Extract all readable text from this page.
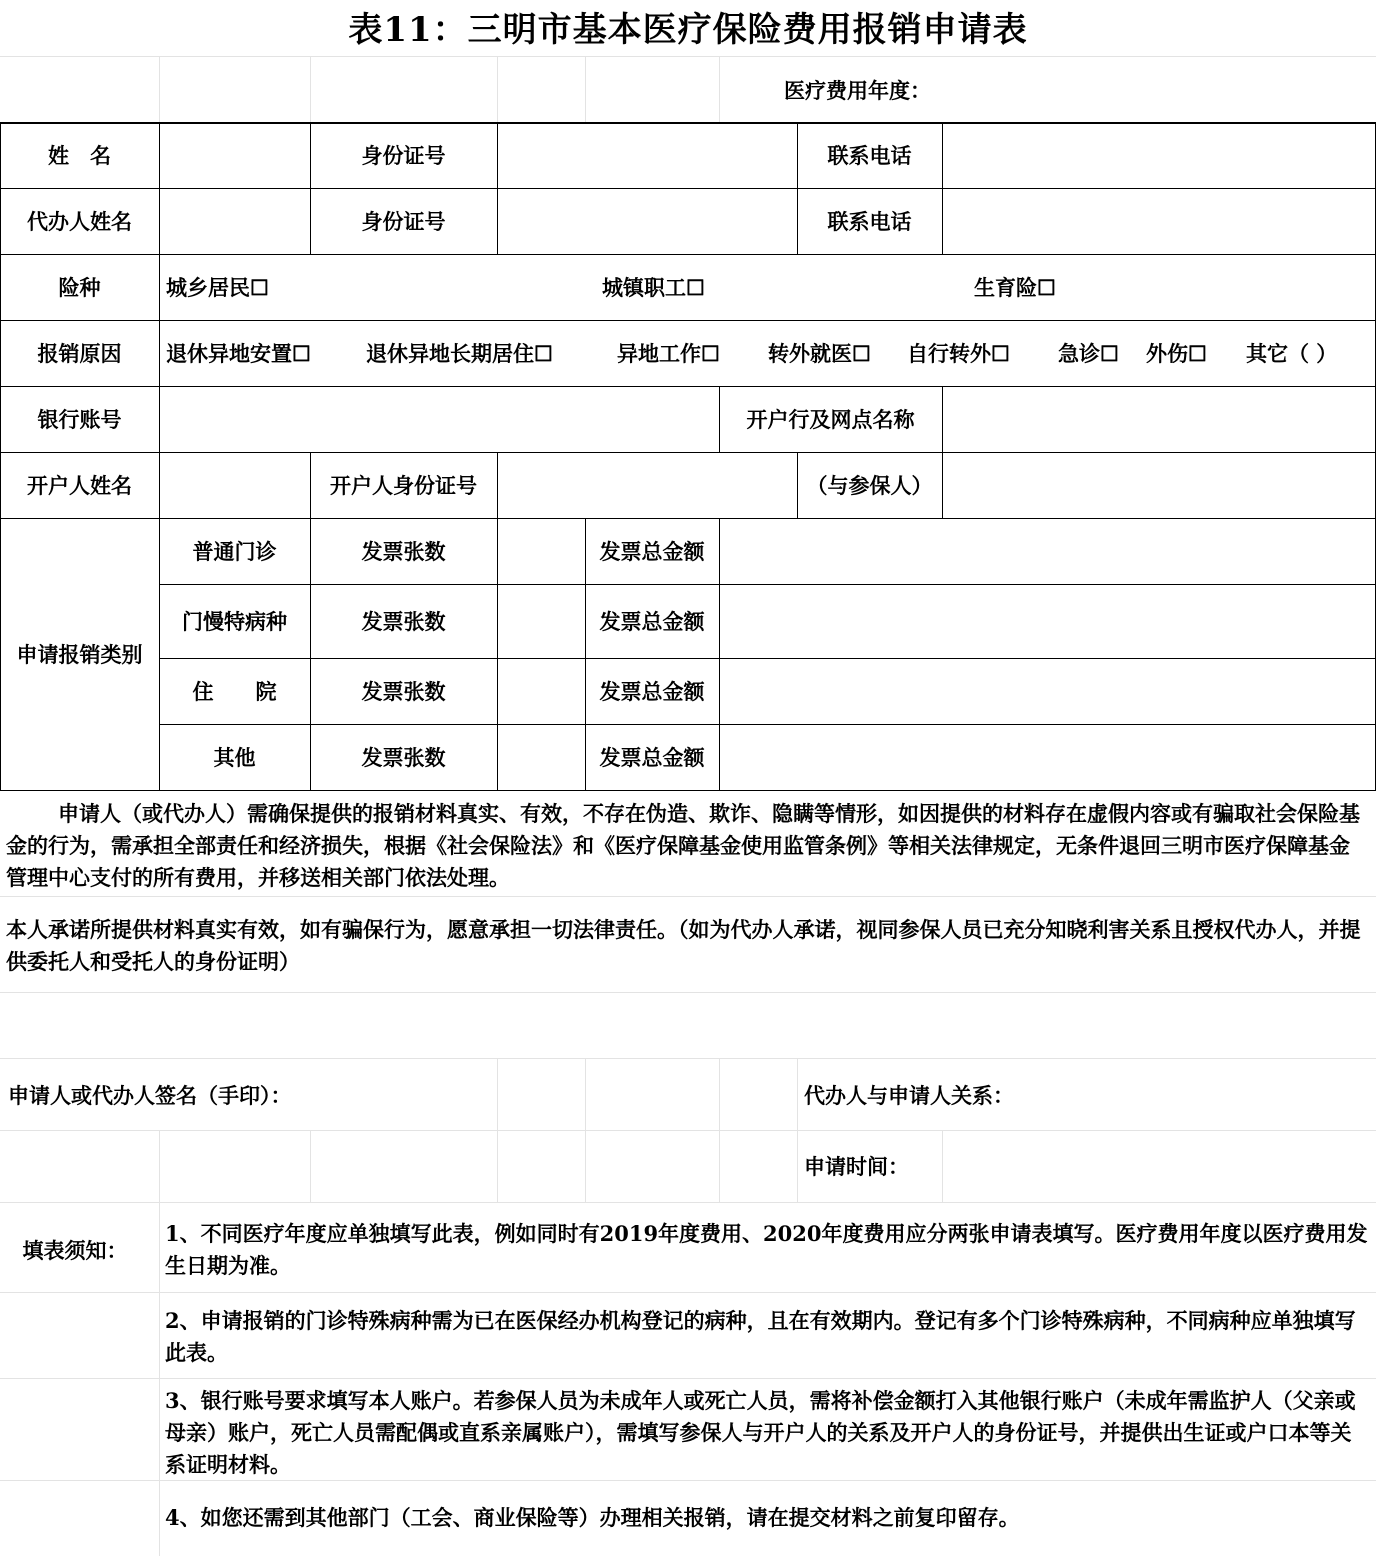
表11：三明市基本医疗保险费用报销申请表
医疗费用年度：
姓　名	身份证号	联系电话
代办人姓名	身份证号	联系电话
险种	城乡居民☐	城镇职工☐	生育险☐
报销原因	退休异地安置☐	退休异地长期居住☐	异地工作☐ 转外就医☐ 自行转外☐ 急诊☐ 外伤☐ 其它（ ）
银行账号	开户行及网点名称
开户人姓名	开户人身份证号	（与参保人）
申请报销类别
普通门诊	发票张数	发票总金额
门慢特病种	发票张数	发票总金额
住　　院	发票张数	发票总金额
其他	发票张数	发票总金额
申请人（或代办人）需确保提供的报销材料真实、有效，不存在伪造、欺诈、隐瞒等情形，如因提供的材料存在虚假内容或有骗取社会保险基金的行为，需承担全部责任和经济损失，根据《社会保险法》和《医疗保障基金使用监管条例》等相关法律规定，无条件退回三明市医疗保障基金管理中心支付的所有费用，并移送相关部门依法处理。
本人承诺所提供材料真实有效，如有骗保行为，愿意承担一切法律责任。（如为代办人承诺，视同参保人员已充分知晓利害关系且授权代办人，并提供委托人和受托人的身份证明）
申请人或代办人签名（手印）：	代办人与申请人关系：
申请时间：
填表须知：
1、不同医疗年度应单独填写此表，例如同时有2019年度费用、2020年度费用应分两张申请表填写。医疗费用年度以医疗费用发生日期为准。
2、申请报销的门诊特殊病种需为已在医保经办机构登记的病种，且在有效期内。登记有多个门诊特殊病种，不同病种应单独填写此表。
3、银行账号要求填写本人账户。若参保人员为未成年人或死亡人员，需将补偿金额打入其他银行账户（未成年需监护人（父亲或母亲）账户，死亡人员需配偶或直系亲属账户），需填写参保人与开户人的关系及开户人的身份证号，并提供出生证或户口本等关系证明材料。
4、如您还需到其他部门（工会、商业保险等）办理相关报销，请在提交材料之前复印留存。
